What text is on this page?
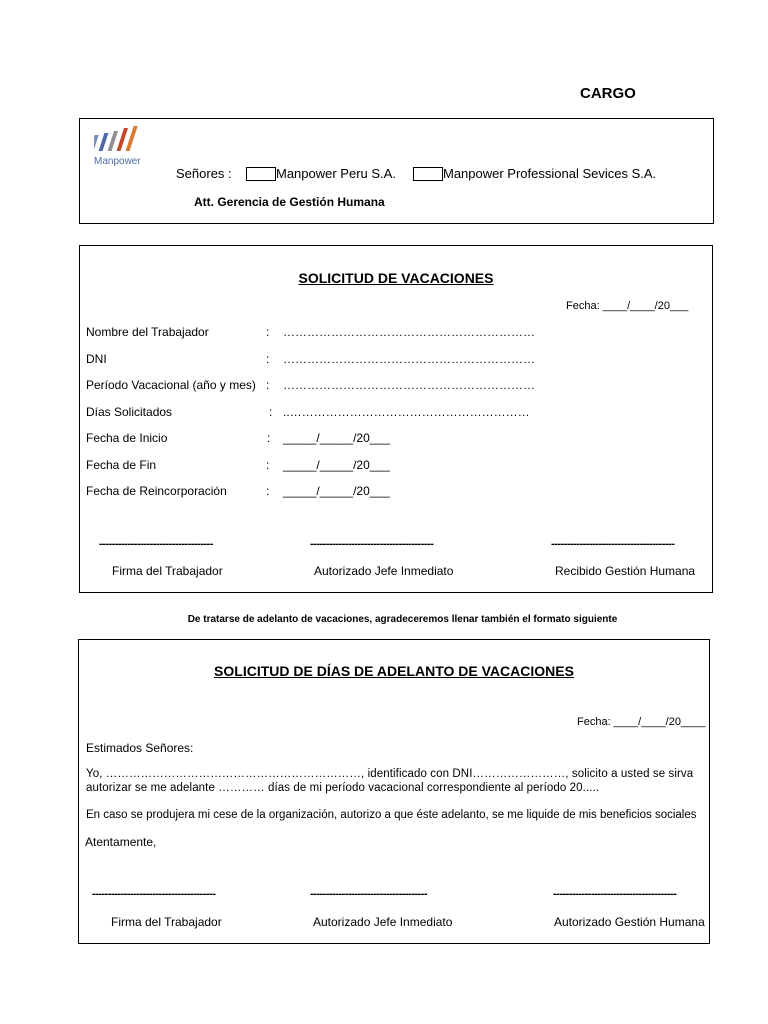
CARGO
Manpower
Señores :	Manpower Peru S.A.	Manpower Professional Sevices S.A.
Att. Gerencia de Gestión Humana
SOLICITUD DE VACACIONES
Fecha: ____/____/20___
Nombre del Trabajador	: ………………………………………………………
DNI	: ………………………………………………………
Período Vacacional (año y mes) : ………………………………………………………
Días Solicitados	: ..……………………………………………………
Fecha de Inicio	: _____/_____/20___
Fecha de Fin	: _____/_____/20___
Fecha de Reincorporación	: _____/_____/20___
------------------------------------	---------------------------------------	---------------------------------------
Firma del Trabajador	Autorizado Jefe Inmediato	Recibido Gestión Humana
De tratarse de adelanto de vacaciones, agradeceremos llenar también el formato siguiente
SOLICITUD DE DÍAS DE ADELANTO DE VACACIONES
Fecha: ____/____/20____
Estimados Señores:
Yo, …………………………………………………………, identificado con DNI……………………, solicito a usted se sirva
autorizar se me adelante ………… días de mi período vacacional correspondiente al período 20.....
En caso se produjera mi cese de la organización, autorizo a que éste adelanto, se me liquide de mis beneficios sociales
Atentamente,
---------------------------------------	-------------------------------------	---------------------------------------
Firma del Trabajador	Autorizado Jefe Inmediato	Autorizado Gestión Humana
